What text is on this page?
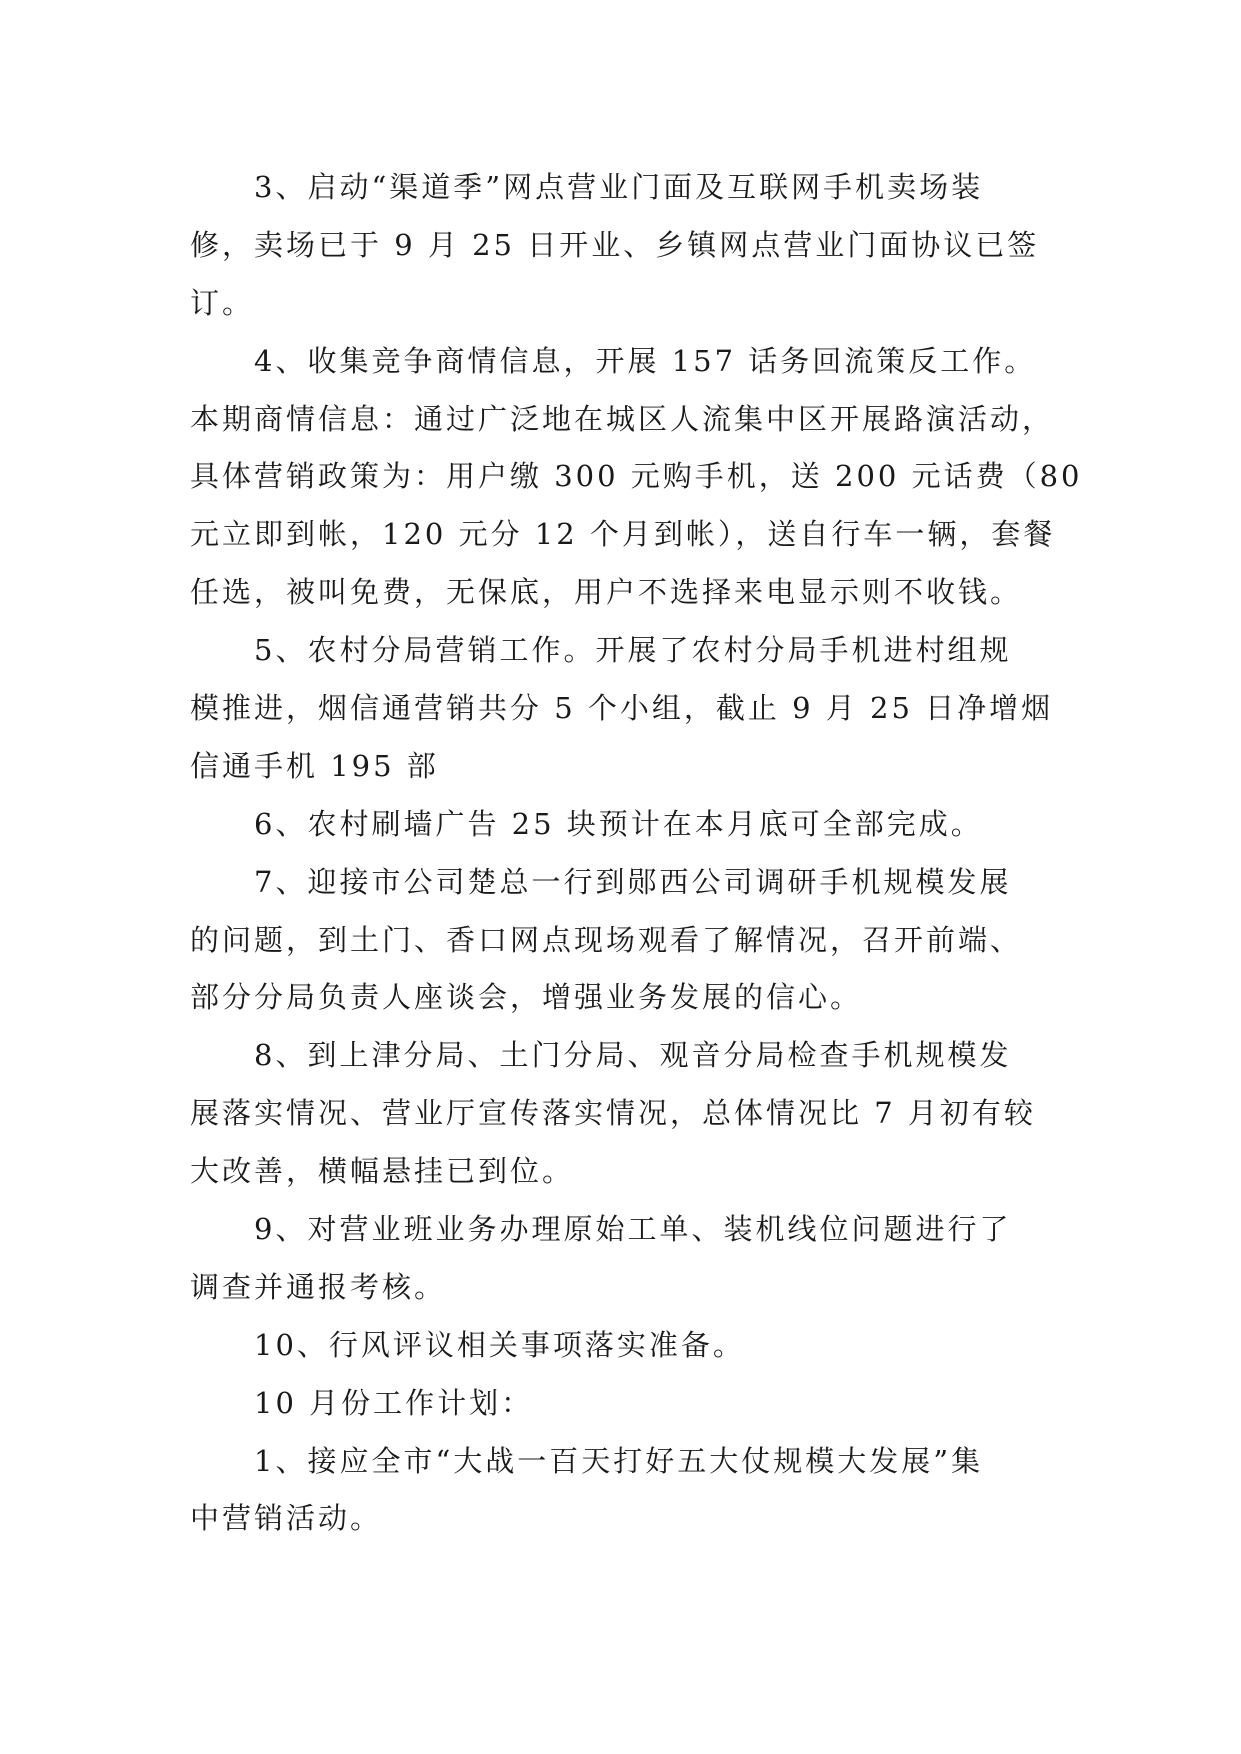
3、启动“渠道季”网点营业门面及互联网手机卖场装
修，卖场已于 9 月 25 日开业、乡镇网点营业门面协议已签
订。
4、收集竞争商情信息，开展 157 话务回流策反工作。
本期商情信息：通过广泛地在城区人流集中区开展路演活动，
具体营销政策为：用户缴 300 元购手机，送 200 元话费（80
元立即到帐，120 元分 12 个月到帐），送自行车一辆，套餐
任选，被叫免费，无保底，用户不选择来电显示则不收钱。
5、农村分局营销工作。开展了农村分局手机进村组规
模推进，烟信通营销共分 5 个小组，截止 9 月 25 日净增烟
信通手机 195 部
6、农村刷墙广告 25 块预计在本月底可全部完成。
7、迎接市公司楚总一行到郧西公司调研手机规模发展
的问题，到土门、香口网点现场观看了解情况，召开前端、
部分分局负责人座谈会，增强业务发展的信心。
8、到上津分局、土门分局、观音分局检查手机规模发
展落实情况、营业厅宣传落实情况，总体情况比 7 月初有较
大改善，横幅悬挂已到位。
9、对营业班业务办理原始工单、装机线位问题进行了
调查并通报考核。
10、行风评议相关事项落实准备。
10 月份工作计划：
1、接应全市“大战一百天打好五大仗规模大发展”集
中营销活动。
